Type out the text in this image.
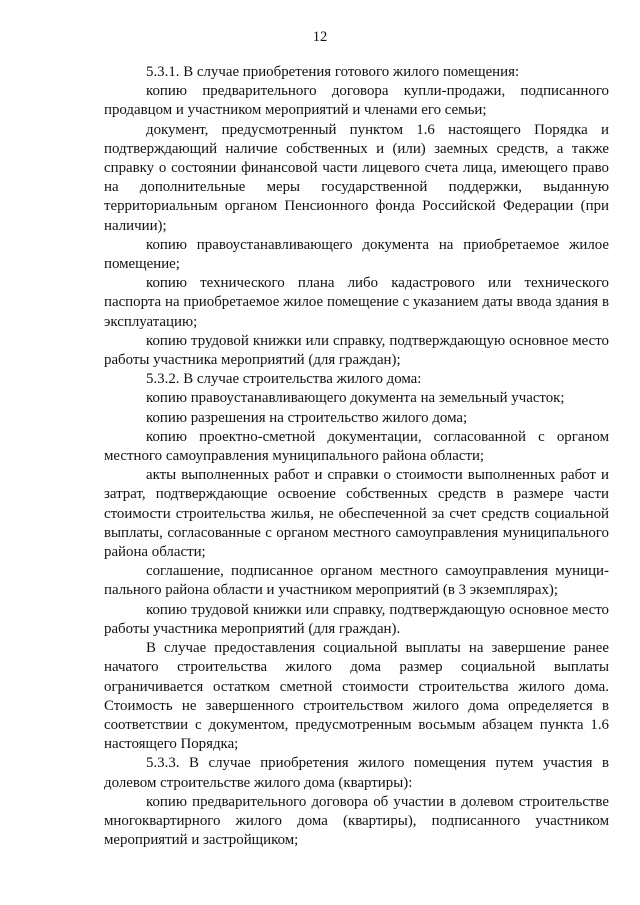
12

5.3.1. В случае приобретения готового жилого помещения:

копию предварительного договора купли-продажи, подписанного продавцом и участником мероприятий и членами его семьи;

документ, предусмотренный пунктом 1.6 настоящего Порядка и подтверждающий наличие собственных и (или) заемных средств, а также справку о состоянии финансовой части лицевого счета лица, имеющего право на дополнительные меры государственной поддержки, выданную территориальным органом Пенсионного фонда Российской Федерации (при наличии);

копию правоустанавливающего документа на приобретаемое жилое помещение;

копию технического плана либо кадастрового или технического паспорта на приобретаемое жилое помещение с указанием даты ввода здания в эксплуатацию;

копию трудовой книжки или справку, подтверждающую основное место работы участника мероприятий (для граждан);

5.3.2. В случае строительства жилого дома:

копию правоустанавливающего документа на земельный участок;

копию разрешения на строительство жилого дома;

копию проектно-сметной документации, согласованной с органом местного самоуправления муниципального района области;

акты выполненных работ и справки о стоимости выполненных работ и затрат, подтверждающие освоение собственных средств в размере части стоимости строительства жилья, не обеспеченной за счет средств социальной выплаты, согласованные с органом местного самоуправления муниципального района области;

соглашение, подписанное органом местного самоуправления муниципального района области и участником мероприятий (в 3 экземплярах);

копию трудовой книжки или справку, подтверждающую основное место работы участника мероприятий (для граждан).

В случае предоставления социальной выплаты на завершение ранее начатого строительства жилого дома размер социальной выплаты ограничивается остатком сметной стоимости строительства жилого дома. Стоимость не завершенного строительством жилого дома определяется в соответствии с документом, предусмотренным восьмым абзацем пункта 1.6 настоящего Порядка;

5.3.3. В случае приобретения жилого помещения путем участия в долевом строительстве жилого дома (квартиры):

копию предварительного договора об участии в долевом строительстве многоквартирного жилого дома (квартиры), подписанного участником мероприятий и застройщиком;
